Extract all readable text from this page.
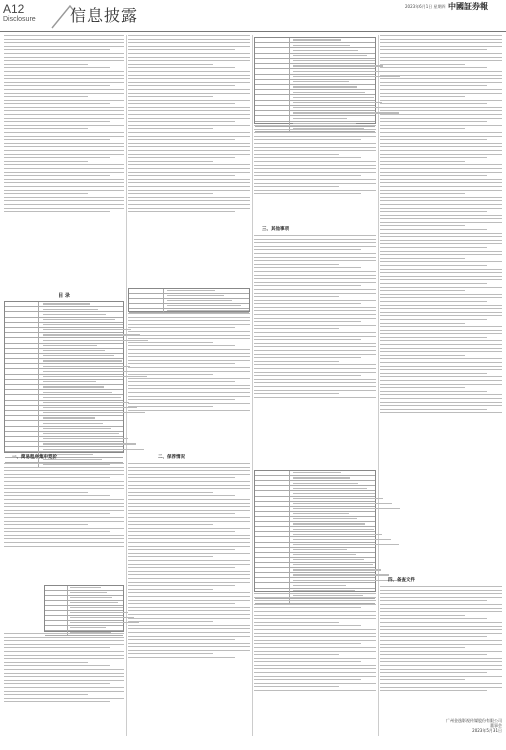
A12
Disclosure 信息披露	2023年6月1日 星期四 中國証券報
目 录
一、简易程序集中竞价	二、保荐情况
三、其他事项
四、备查文件
广州金逸影视传媒股份有限公司
董事会
2023年5月31日
